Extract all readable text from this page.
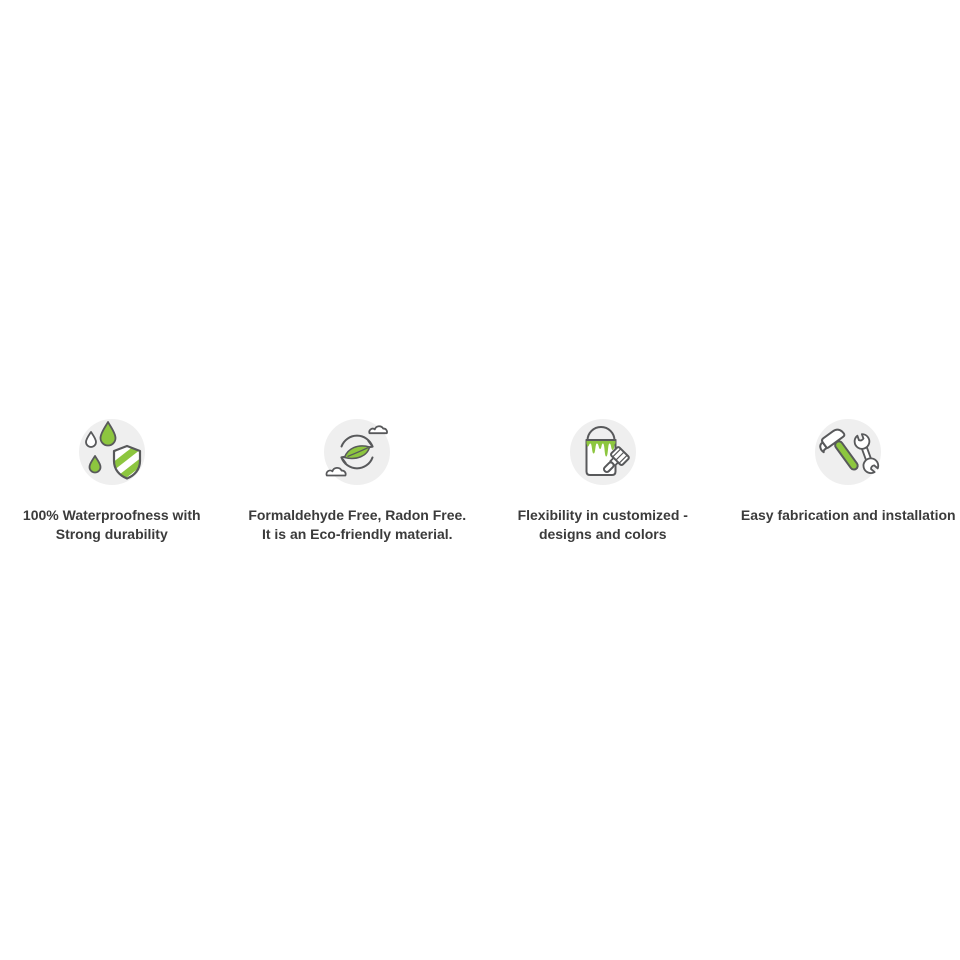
100% Waterproofness with
Strong durability

Formaldehyde Free, Radon Free.
It is an Eco-friendly material.

Flexibility in customized -
designs and colors

Easy fabrication and installation
